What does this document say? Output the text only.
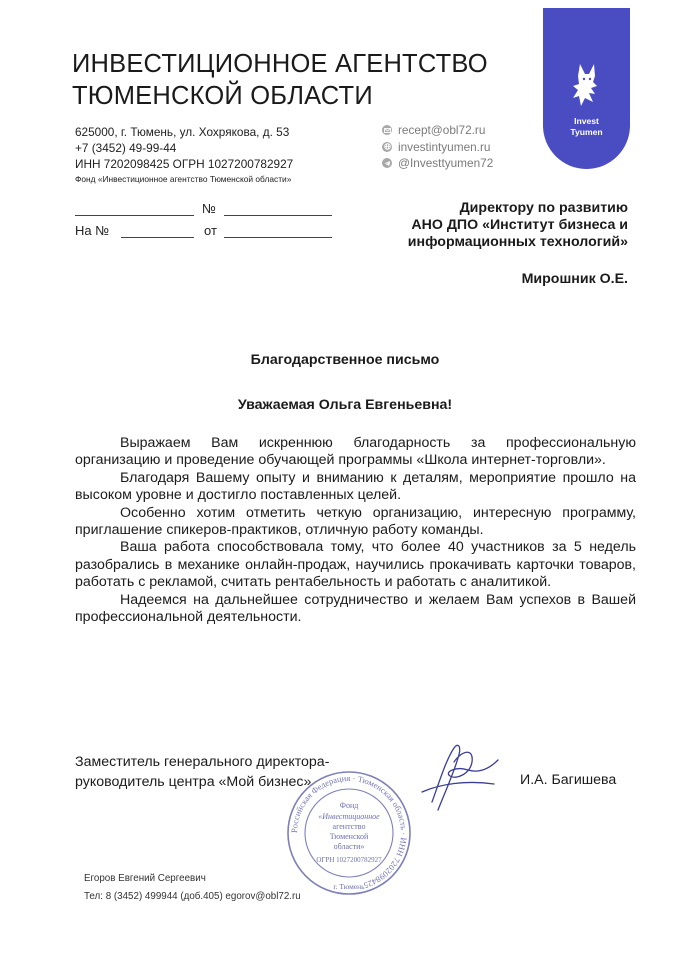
ИНВЕСТИЦИОННОЕ АГЕНТСТВО
ТЮМЕНСКОЙ ОБЛАСТИ
625000, г. Тюмень, ул. Хохрякова, д. 53
+7 (3452) 49-99-44
ИНН 7202098425 ОГРН 1027200782927
Фонд «Инвестиционное агентство Тюменской области»
recept@obl72.ru
investintyumen.ru
@Investtyumen72
Invest
Tyumen
№
На №	от
Директору по развитию
АНО ДПО «Институт бизнеса и
информационных технологий»
Мирошник О.Е.
Благодарственное письмо
Уважаемая Ольга Евгеньевна!

Выражаем Вам искреннюю благодарность за профессиональную организацию и проведение обучающей программы «Школа интернет-торговли».

Благодаря Вашему опыту и вниманию к деталям, мероприятие прошло на высоком уровне и достигло поставленных целей.

Особенно хотим отметить четкую организацию, интересную программу, приглашение спикеров-практиков, отличную работу команды.

Ваша работа способствовала тому, что более 40 участников за 5 недель разобрались в механике онлайн-продаж, научились прокачивать карточки товаров, работать с рекламой, считать рентабельность и работать с аналитикой.

Надеемся на дальнейшее сотрудничество и желаем Вам успехов в Вашей профессиональной деятельности.

Заместитель генерального директора-
руководитель центра «Мой бизнес»	И.А. Багишева
Российская Федерация · Тюменская область · ИНН 7202098425
Фонд
«Инвестиционное
агентство
Тюменской
области»
ОГРН 1027200782927
г. Тюмень
Егоров Евгений Сергеевич
Тел: 8 (3452) 499944 (доб.405) egorov@obl72.ru
